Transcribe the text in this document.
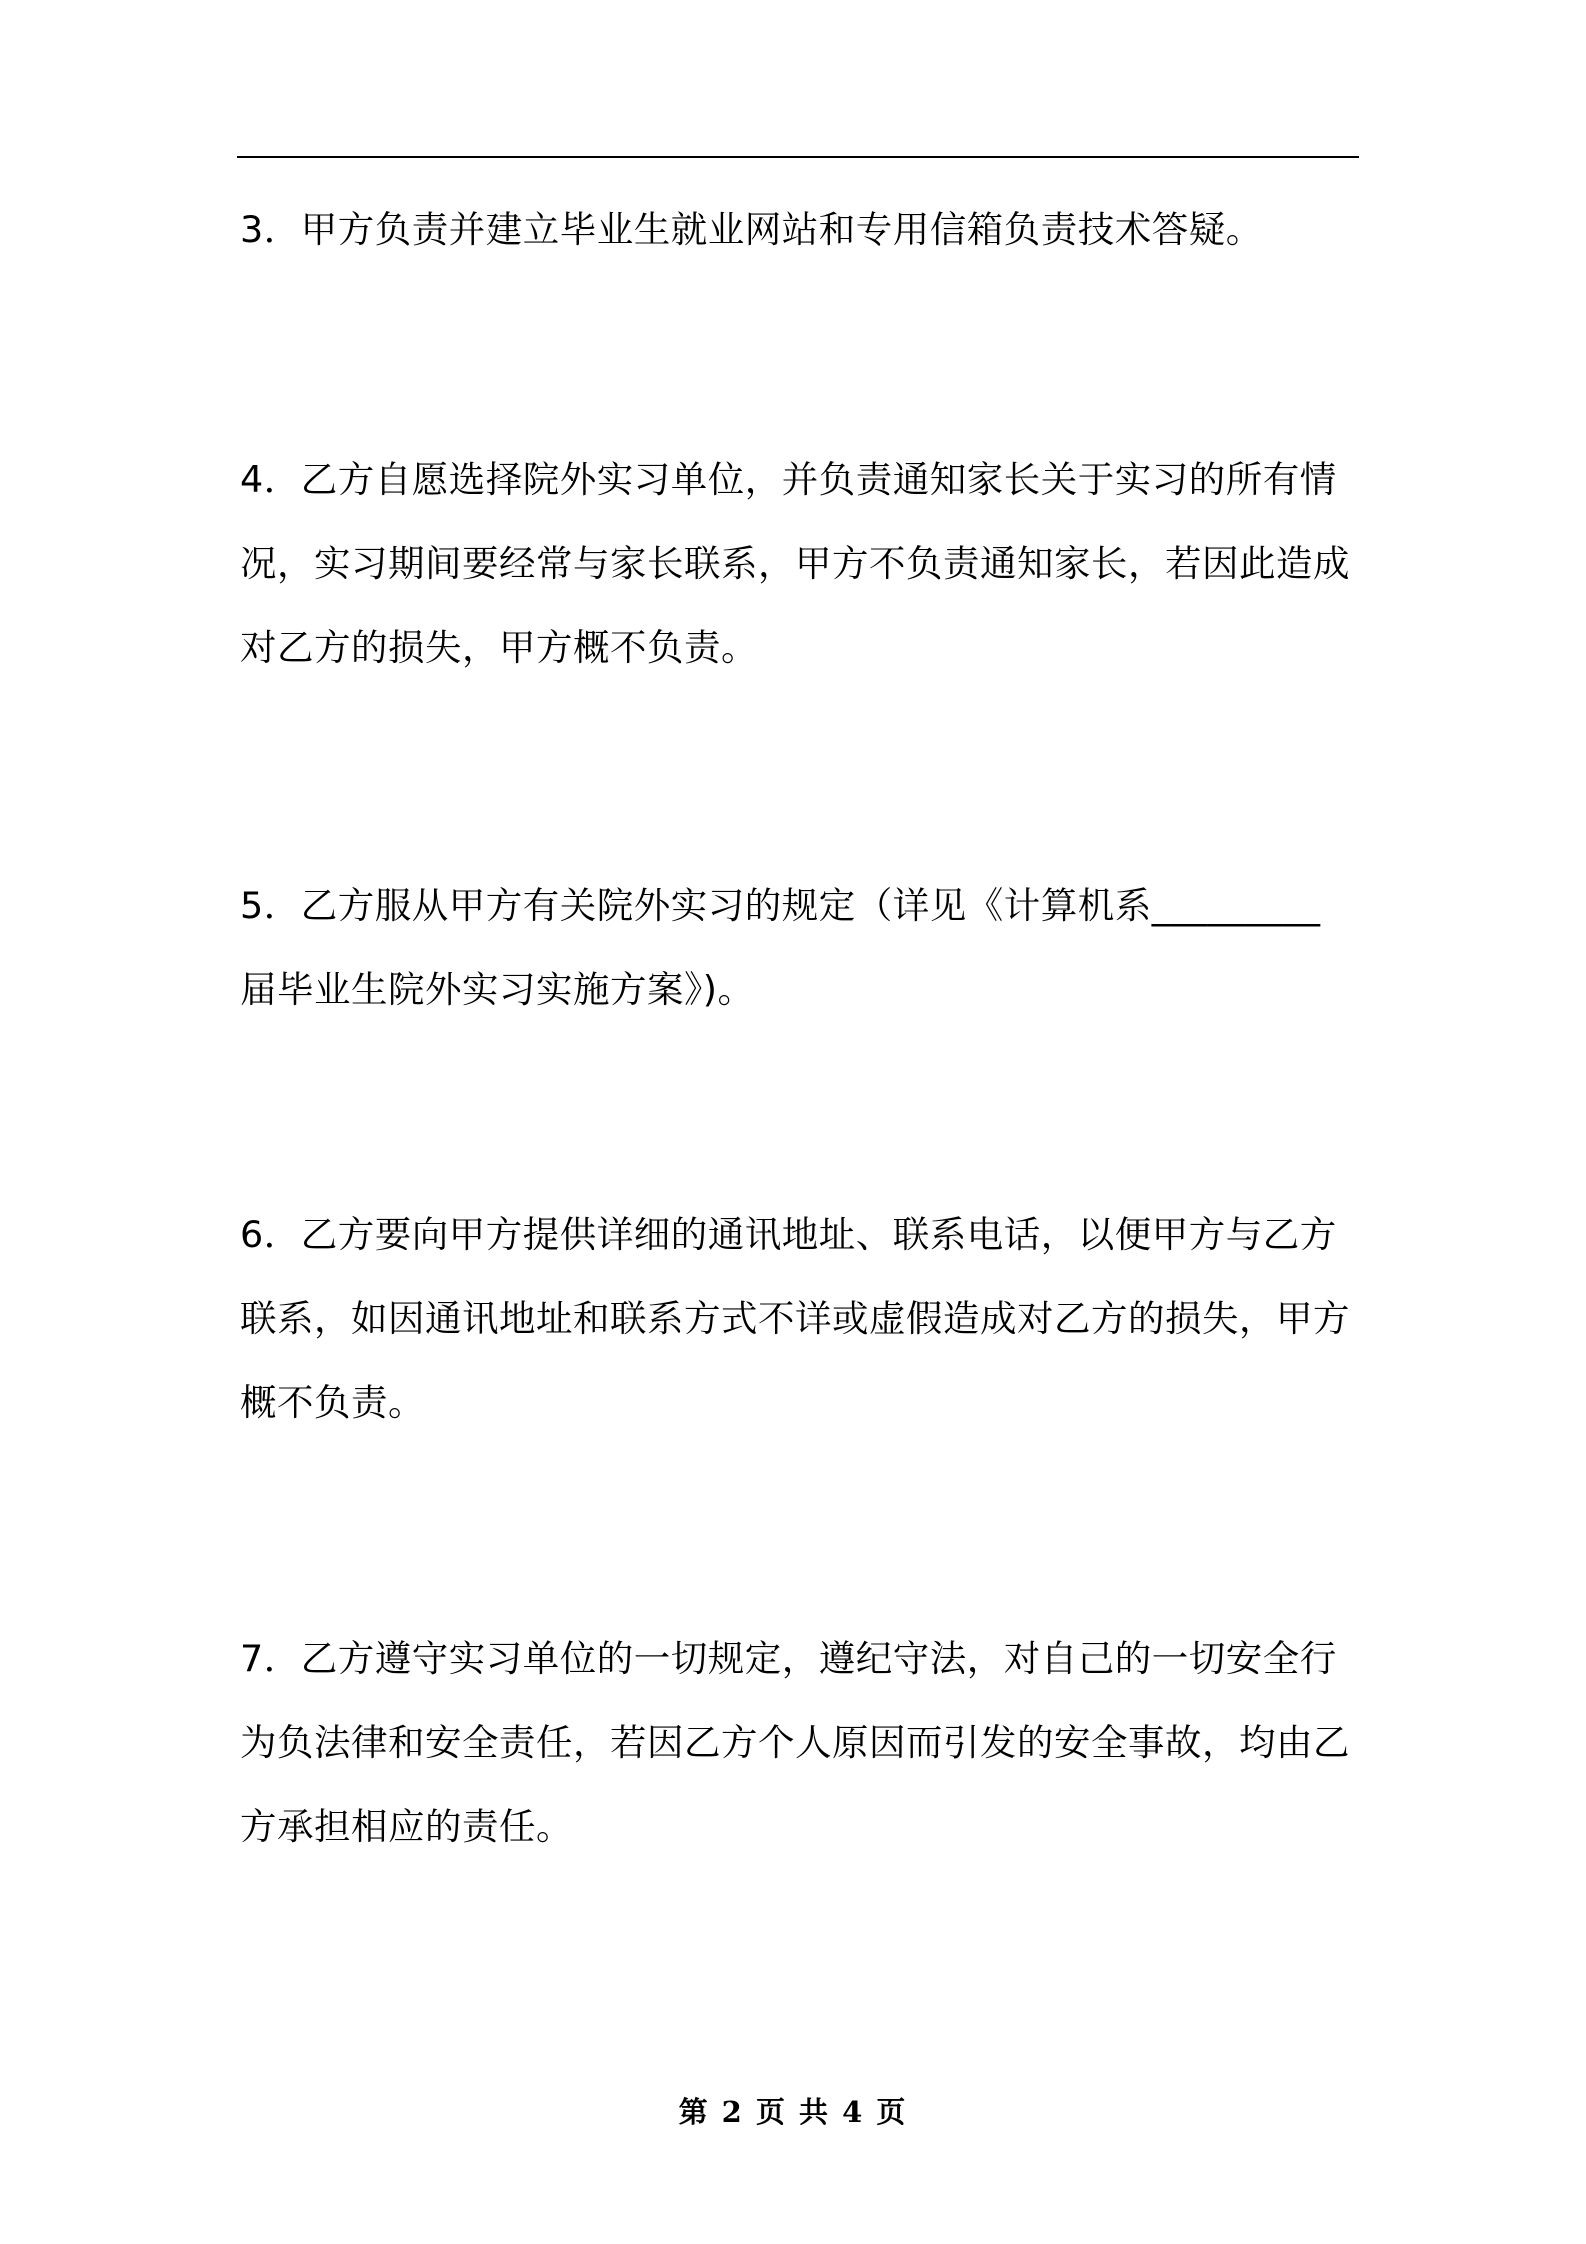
3．甲方负责并建立毕业生就业网站和专用信箱负责技术答疑。

4．乙方自愿选择院外实习单位，并负责通知家长关于实习的所有情
况，实习期间要经常与家长联系，甲方不负责通知家长，若因此造成
对乙方的损失，甲方概不负责。

5．乙方服从甲方有关院外实习的规定（详见《计算机系_________
届毕业生院外实习实施方案》)。

6．乙方要向甲方提供详细的通讯地址、联系电话，以便甲方与乙方
联系，如因通讯地址和联系方式不详或虚假造成对乙方的损失，甲方
概不负责。

7．乙方遵守实习单位的一切规定，遵纪守法，对自己的一切安全行
为负法律和安全责任，若因乙方个人原因而引发的安全事故，均由乙
方承担相应的责任。

第 2 页 共 4 页
